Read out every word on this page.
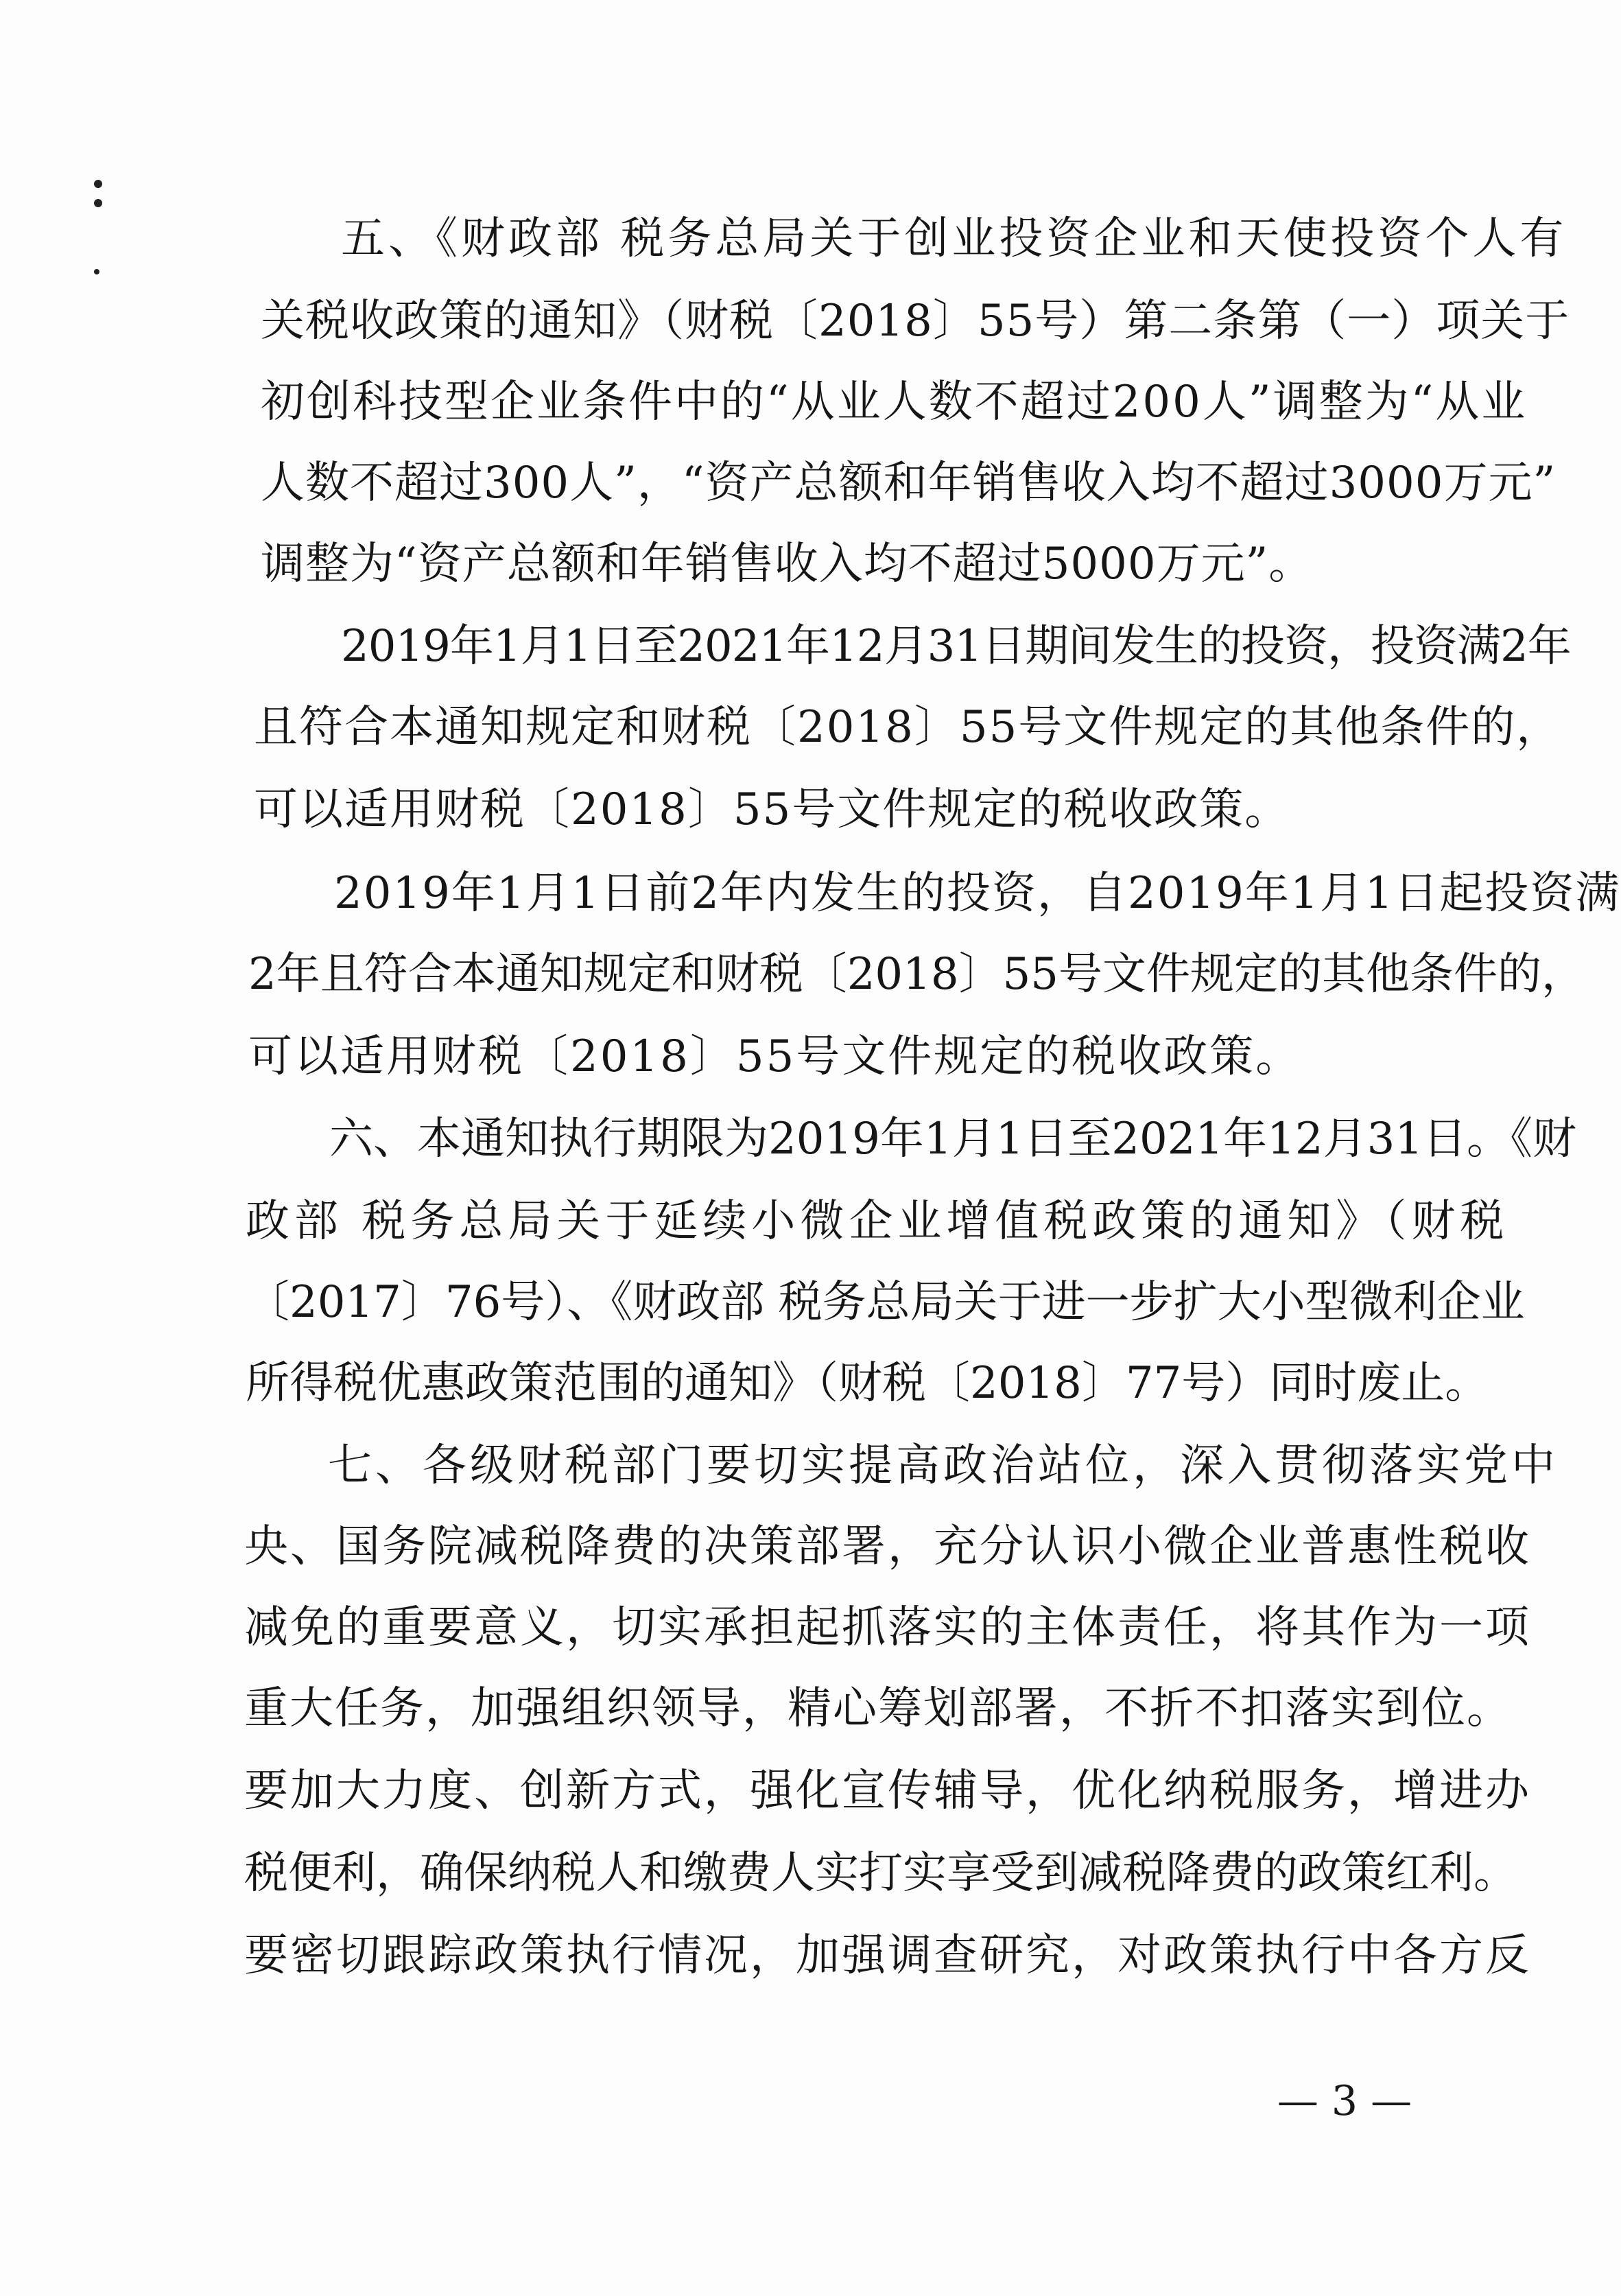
五、《财政部 税务总局关于创业投资企业和天使投资个人有

关税收政策的通知》（财税〔2018〕55号）第二条第（一）项关于

初创科技型企业条件中的“从业人数不超过200人”调整为“从业

人数不超过300人”，“资产总额和年销售收入均不超过3000万元”

调整为“资产总额和年销售收入均不超过5000万元”。

2019年1月1日至2021年12月31日期间发生的投资，投资满2年

且符合本通知规定和财税〔2018〕55号文件规定的其他条件的，

可以适用财税〔2018〕55号文件规定的税收政策。

2019年1月1日前2年内发生的投资，自2019年1月1日起投资满

2年且符合本通知规定和财税〔2018〕55号文件规定的其他条件的，

可以适用财税〔2018〕55号文件规定的税收政策。

六、本通知执行期限为2019年1月1日至2021年12月31日。《财

政部 税务总局关于延续小微企业增值税政策的通知》（财税

〔2017〕76号）、《财政部 税务总局关于进一步扩大小型微利企业

所得税优惠政策范围的通知》（财税〔2018〕77号）同时废止。

七、各级财税部门要切实提高政治站位，深入贯彻落实党中

央、国务院减税降费的决策部署，充分认识小微企业普惠性税收

减免的重要意义，切实承担起抓落实的主体责任，将其作为一项

重大任务，加强组织领导，精心筹划部署，不折不扣落实到位。

要加大力度、创新方式，强化宣传辅导，优化纳税服务，增进办

税便利，确保纳税人和缴费人实打实享受到减税降费的政策红利。

要密切跟踪政策执行情况，加强调查研究，对政策执行中各方反

— 3 —
